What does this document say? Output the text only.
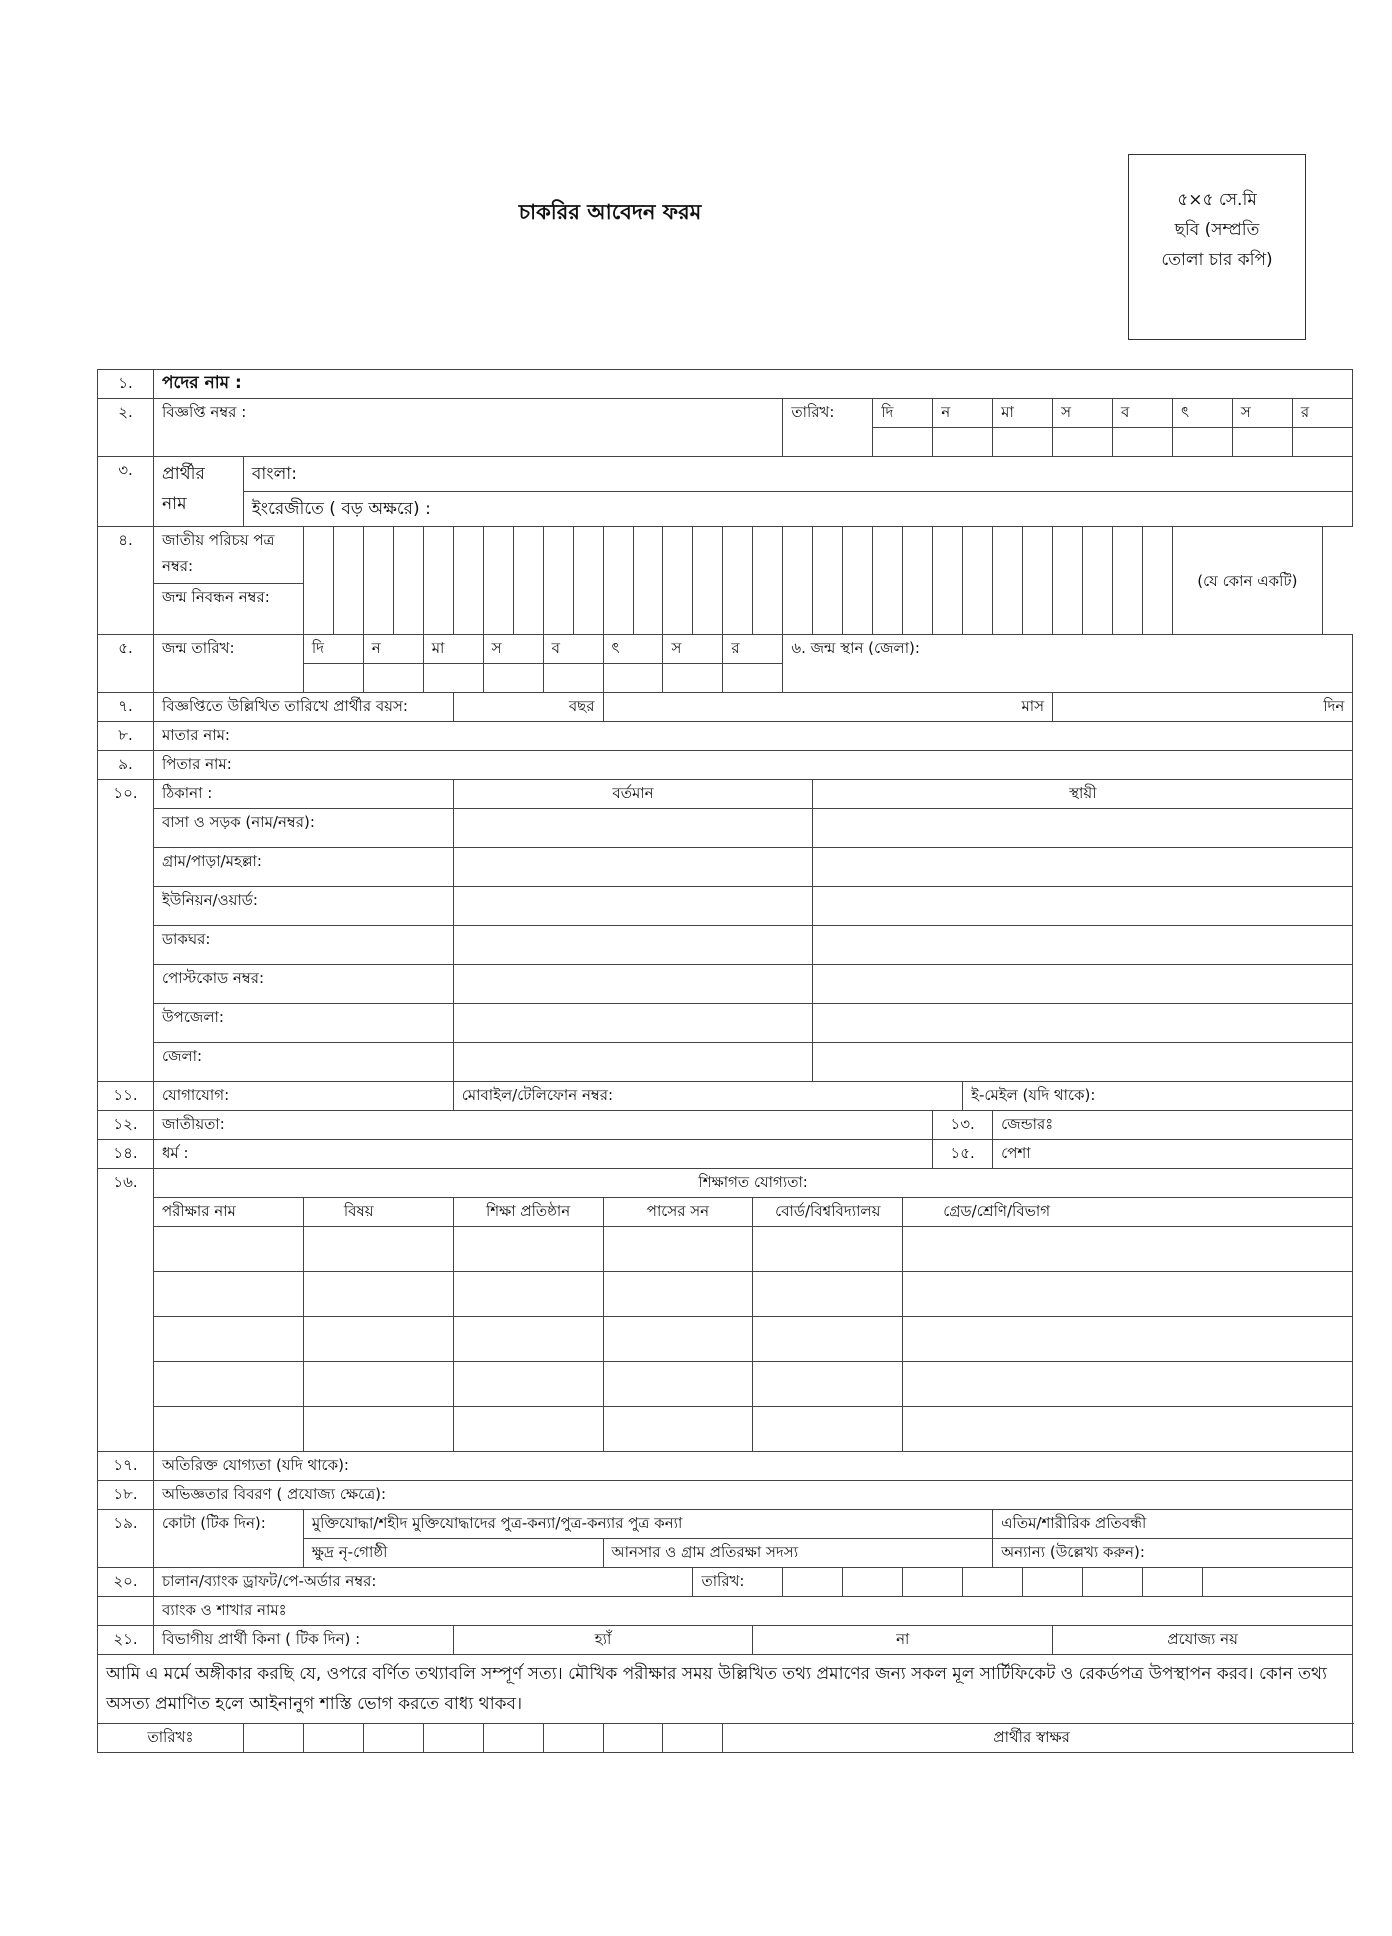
চাকরির আবেদন ফরম	৫×৫ সে.মি
ছবি (সম্প্রতি
তোলা চার কপি)
১.	পদের নাম :																																		
২.	বিজ্ঞপ্তি নম্বর :																		তারিখ:			দি		ন		মা		স		ব		ৎ		স	র

৩.	প্রার্থীর
নাম	বাংলা:																																	
		ইংরেজীতে ( বড় অক্ষরে) :																																	
৪.	জাতীয় পরিচয় পত্র
নম্বর:																															(যে কোন একটি)			
	জন্ম নিবন্ধন নম্বর:																																		
৫.	জন্ম তারিখ:		দি		ন		মা		স		ব		ৎ		স		র		৬. জন্ম স্থান (জেলা):																

৭.	বিজ্ঞপ্তিতে উল্লিখিত তারিখে প্রার্থীর বয়স:							বছর					মাস															দিন							
৮.	মাতার নাম:																																		
৯.	পিতার নাম:																																		
১০.	ঠিকানা :							বর্তমান												স্থায়ী															
	বাসা ও সড়ক (নাম/নম্বর):																																		
	গ্রাম/পাড়া/মহল্লা:																																		
	ইউনিয়ন/ওয়ার্ড:																																		
	ডাকঘর:																																		
	পোস্টকোড নম্বর:																																		
	উপজেলা:																																		
	জেলা:																																		
১১.	যোগাযোগ:							মোবাইল/টেলিফোন নম্বর:																	ই-মেইল (যদি থাকে):										
১২.	জাতীয়তা:																							১৩.		জেন্ডারঃ									
১৪.	ধর্ম :																							১৫.		পেশা									
১৬.	শিক্ষাগত যোগ্যতা:																																		
	পরীক্ষার নাম		বিষয়					শিক্ষা প্রতিষ্ঠান					পাসের সন					বোর্ড/বিশ্ববিদ্যালয়					গ্রেড/শ্রেণি/বিভাগ												

১৭.	অতিরিক্ত যোগ্যতা (যদি থাকে):																																		
১৮.	অভিজ্ঞতার বিবরণ ( প্রযোজ্য ক্ষেত্রে):																																		
১৯.	কোটা (টিক দিন):		মুক্তিযোদ্ধা/শহীদ মুক্তিযোদ্ধাদের পুত্র-কন্যা/পুত্র-কন্যার পুত্র কন্যা																							এতিম/শারীরিক প্রতিবন্ধী									
			ক্ষুদ্র নৃ-গোষ্ঠী										আনসার ও গ্রাম প্রতিরক্ষা সদস্য													অন্যান্য (উল্লেখ্য করুন):									
২০.	চালান/ব্যাংক ড্রাফট/পে-অর্ডার নম্বর:															তারিখ:																			
	ব্যাংক ও শাখার নামঃ																																		
২১.	বিভাগীয় প্রার্থী কিনা ( টিক দিন) :							হ্যাঁ										না										প্রযোজ্য নয়							
আমি এ মর্মে অঙ্গীকার করছি যে, ওপরে বর্ণিত তথ্যাবলি সম্পূর্ণ সত্য। মৌখিক পরীক্ষার সময় উল্লিখিত তথ্য প্রমাণের জন্য সকল মূল সার্টিফিকেট ও রেকর্ডপত্র উপস্থাপন করব। কোন তথ্য অসত্য প্রমাণিত হলে আইনানুগ শাস্তি ভোগ করতে বাধ্য থাকব।																																			
তারিখঃ																	প্রার্থীর স্বাক্ষর																		
